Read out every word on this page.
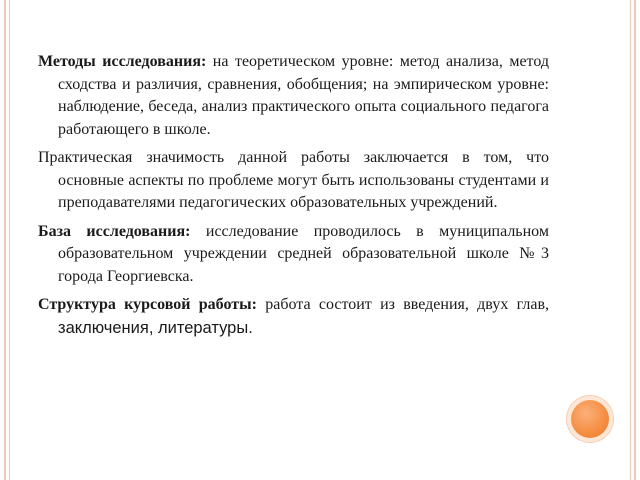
Методы исследования: на теоретическом уровне: метод анализа, метод сходства и различия, сравнения, обобщения; на эмпирическом уровне: наблюдение, беседа, анализ практического опыта социального педагога работающего в школе.

Практическая значимость данной работы заключается в том, что основные аспекты по проблеме могут быть использованы студентами и преподавателями педагогических образовательных учреждений.

База исследования: исследование проводилось в муниципальном образовательном учреждении средней образовательной школе №3 города Георгиевска.

Структура курсовой работы: работа состоит из введения, двух глав, заключения, литературы.
